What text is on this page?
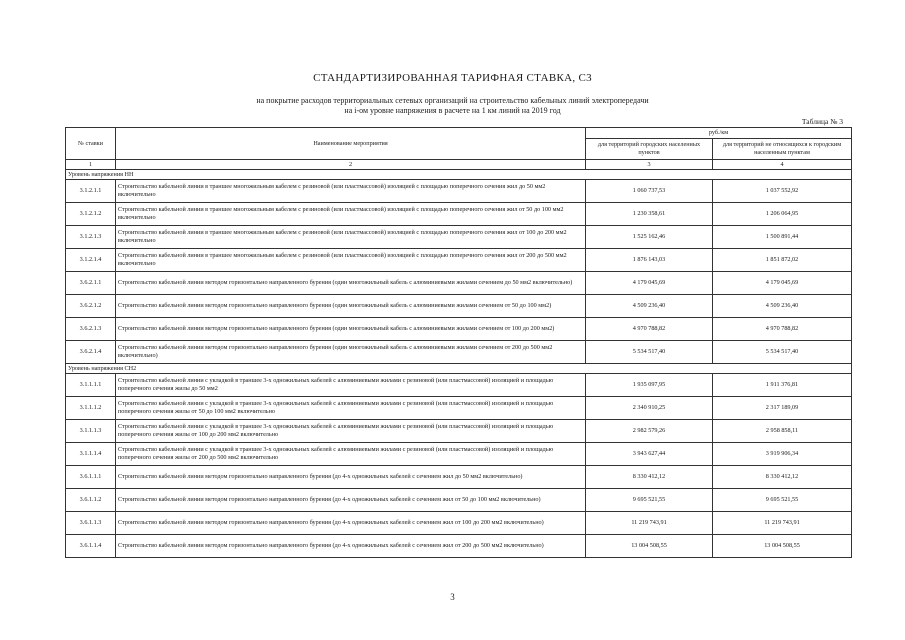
СТАНДАРТИЗИРОВАННАЯ ТАРИФНАЯ СТАВКА, С3
на покрытие расходов территориальных сетевых организаций на строительство кабельных линий электропередачи
на i-ом уровне напряжения в расчете на 1 км линий на 2019 год
Таблица № 3
№ ставки	Наименование мероприятия	руб./км	
		для территорий городских населенных пунктов	для территорий не относящихся к городским населенным пунктам
1	2	3	4
Уровень напряжения НН			
3.1.2.1.1	Строительство кабельной линии в траншее многожильным кабелем с резиновой (или пластмассовой) изоляцией с площадью поперечного сечения жил до 50 мм2 включительно	1 060 737,53	1 037 552,92
3.1.2.1.2	Строительство кабельной линии в траншее многожильным кабелем с резиновой (или пластмассовой) изоляцией с площадью поперечного сечения жил от 50 до 100 мм2 включительно	1 230 358,61	1 206 064,95
3.1.2.1.3	Строительство кабельной линии в траншее многожильным кабелем с резиновой (или пластмассовой) изоляцией с площадью поперечного сечения жил от 100 до 200 мм2 включительно	1 525 162,46	1 500 891,44
3.1.2.1.4	Строительство кабельной линии в траншее многожильным кабелем с резиновой (или пластмассовой) изоляцией с площадью поперечного сечения жил от 200 до 500 мм2 включительно	1 876 143,03	1 851 872,02
3.6.2.1.1	Строительство кабельной линии методом горизонтально направленного бурения (один многожильный кабель с алюминиевыми жилами сечением до 50 мм2 включительно)	4 179 045,69	4 179 045,69
3.6.2.1.2	Строительство кабельной линии методом горизонтально направленного бурения (один многожильный кабель с алюминиевыми жилами сечением от 50 до 100 мм2)	4 509 236,40	4 509 236,40
3.6.2.1.3	Строительство кабельной линии методом горизонтально направленного бурения (один многожильный кабель с алюминиевыми жилами сечением от 100 до 200 мм2)	4 970 788,82	4 970 788,82
3.6.2.1.4	Строительство кабельной линии методом горизонтально направленного бурения (один многожильный кабель с алюминиевыми жилами сечением от 200 до 500 мм2 включительно)	5 534 517,40	5 534 517,40
Уровень напряжения СН2			
3.1.1.1.1	Строительство кабельной линии с укладкой в траншее 3-х одножильных кабелей с алюминиевыми жилами с резиновой (или пластмассовой) изоляцией и площадью поперечного сечения жилы до 50 мм2	1 935 097,95	1 911 376,81
3.1.1.1.2	Строительство кабельной линии с укладкой в траншее 3-х одножильных кабелей с алюминиевыми жилами с резиновой (или пластмассовой) изоляцией и площадью поперечного сечения жилы от 50 до 100 мм2 включительно	2 340 910,25	2 317 189,09
3.1.1.1.3	Строительство кабельной линии с укладкой в траншее 3-х одножильных кабелей с алюминиевыми жилами с резиновой (или пластмассовой) изоляцией и площадью поперечного сечения жилы от 100 до 200 мм2 включительно	2 982 579,26	2 958 858,11
3.1.1.1.4	Строительство кабельной линии с укладкой в траншее 3-х одножильных кабелей с алюминиевыми жилами с резиновой (или пластмассовой) изоляцией и площадью поперечного сечения жилы от 200 до 500 мм2 включительно	3 943 627,44	3 919 906,34
3.6.1.1.1	Строительство кабельной линии методом горизонтально направленного бурения (до 4-х одножильных кабелей с сечением жил до 50 мм2 включительно)	8 330 412,12	8 330 412,12
3.6.1.1.2	Строительство кабельной линии методом горизонтально направленного бурения (до 4-х одножильных кабелей с сечением жил от 50 до 100 мм2 включительно)	9 695 521,55	9 695 521,55
3.6.1.1.3	Строительство кабельной линии методом горизонтально направленного бурения (до 4-х одножильных кабелей с сечением жил от 100 до 200 мм2 включительно)	11 219 743,91	11 219 743,91
3.6.1.1.4	Строительство кабельной линии методом горизонтально направленного бурения (до 4-х одножильных кабелей с сечением жил от 200 до 500 мм2 включительно)	13 004 508,55	13 004 508,55
3
